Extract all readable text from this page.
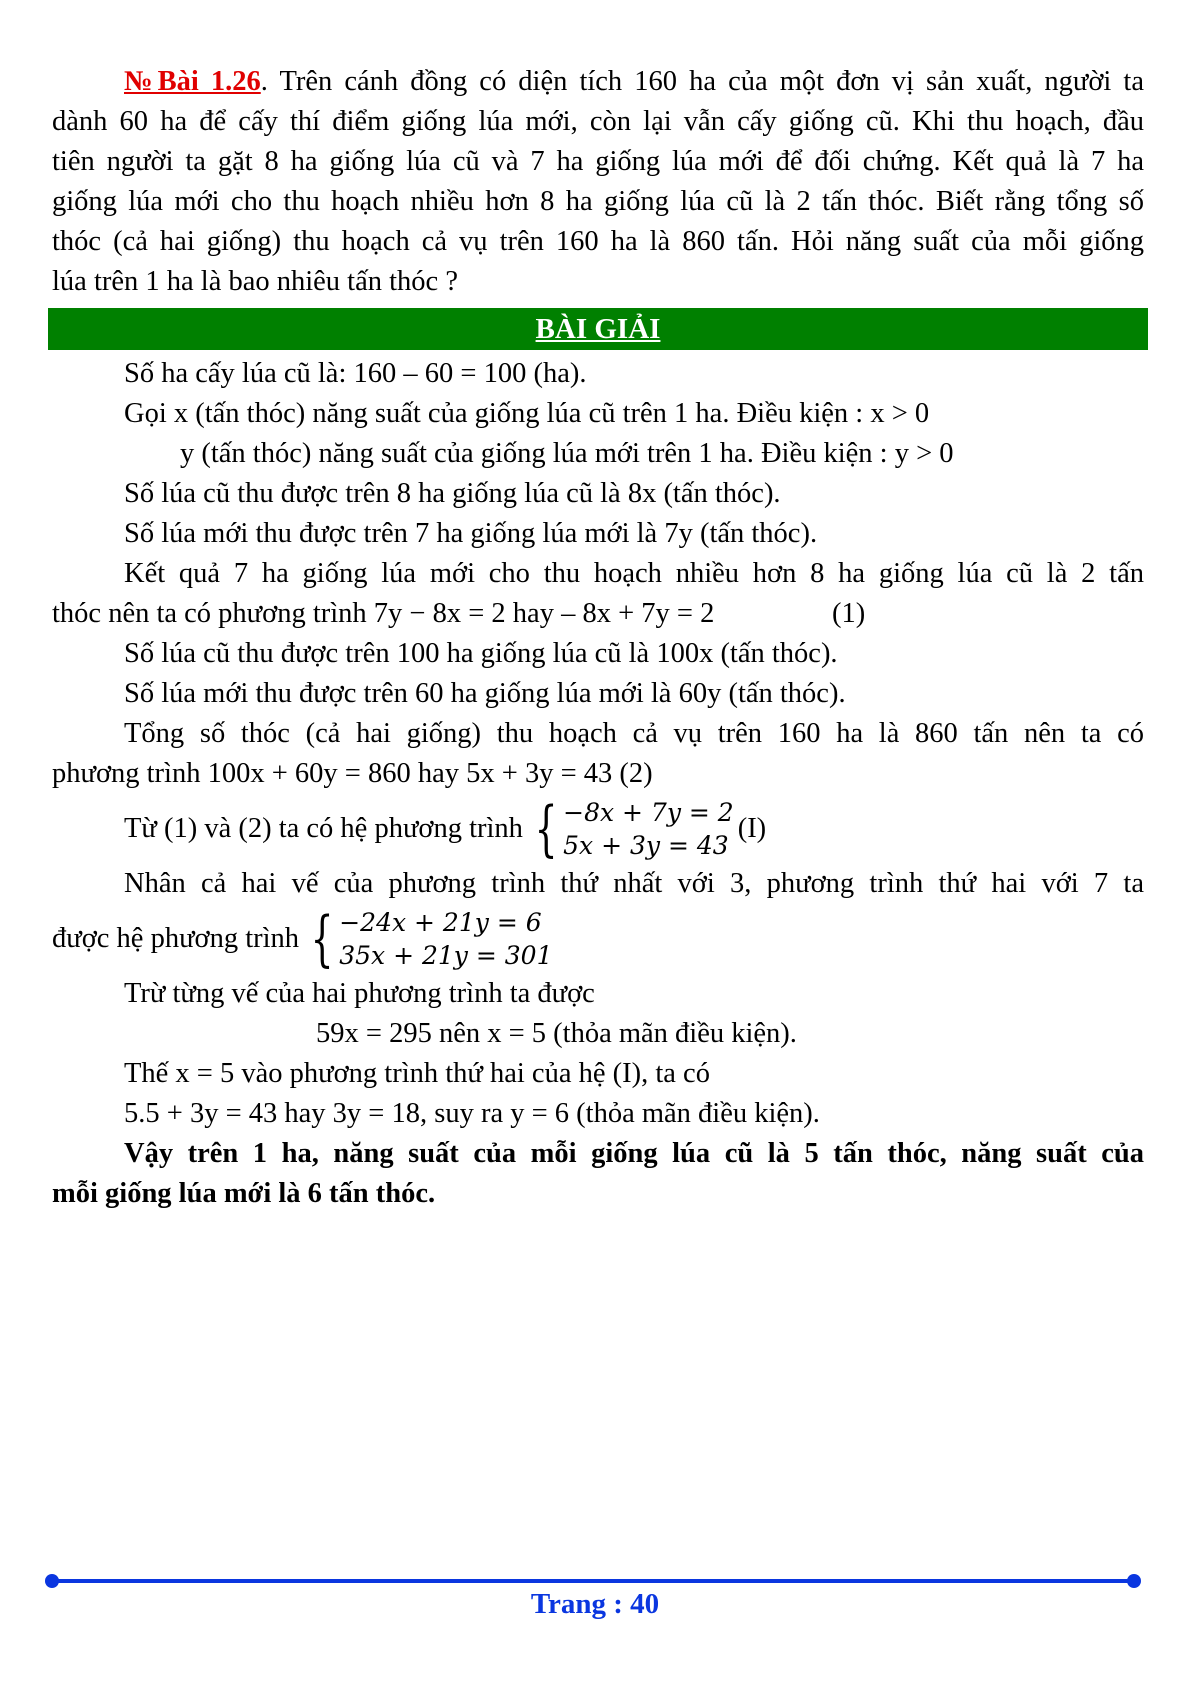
№Bài 1.26. Trên cánh đồng có diện tích 160 ha của một đơn vị sản xuất, người ta
dành 60 ha để cấy thí điểm giống lúa mới, còn lại vẫn cấy giống cũ. Khi thu hoạch, đầu
tiên người ta gặt 8 ha giống lúa cũ và 7 ha giống lúa mới để đối chứng. Kết quả là 7 ha
giống lúa mới cho thu hoạch nhiều hơn 8 ha giống lúa cũ là 2 tấn thóc. Biết rằng tổng số
thóc (cả hai giống) thu hoạch cả vụ trên 160 ha là 860 tấn. Hỏi năng suất của mỗi giống
lúa trên 1 ha là bao nhiêu tấn thóc ?
BÀI GIẢI
Số ha cấy lúa cũ là: 160 – 60 = 100 (ha).
Gọi x (tấn thóc) năng suất của giống lúa cũ trên 1 ha. Điều kiện : x > 0
y (tấn thóc) năng suất của giống lúa mới trên 1 ha. Điều kiện : y > 0
Số lúa cũ thu được trên 8 ha giống lúa cũ là 8x (tấn thóc).
Số lúa mới thu được trên 7 ha giống lúa mới là 7y (tấn thóc).
Kết quả 7 ha giống lúa mới cho thu hoạch nhiều hơn 8 ha giống lúa cũ là 2 tấn
thóc nên ta có phương trình 7y − 8x = 2 hay – 8x + 7y = 2	(1)
Số lúa cũ thu được trên 100 ha giống lúa cũ là 100x (tấn thóc).
Số lúa mới thu được trên 60 ha giống lúa mới là 60y (tấn thóc).
Tổng số thóc (cả hai giống) thu hoạch cả vụ trên 160 ha là 860 tấn nên ta có
phương trình 100x + 60y = 860 hay 5x + 3y = 43 (2)
Từ (1) và (2) ta có hệ phương trình { −8x + 7y = 2
5x + 3y = 43
(I)
Nhân cả hai vế của phương trình thứ nhất với 3, phương trình thứ hai với 7 ta
được hệ phương trình { −24x + 21y = 6
35x + 21y = 301
Trừ từng vế của hai phương trình ta được
59x = 295 nên x = 5 (thỏa mãn điều kiện).
Thế x = 5 vào phương trình thứ hai của hệ (I), ta có
5.5 + 3y = 43 hay 3y = 18, suy ra y = 6 (thỏa mãn điều kiện).
Vậy trên 1 ha, năng suất của mỗi giống lúa cũ là 5 tấn thóc, năng suất của
mỗi giống lúa mới là 6 tấn thóc.
Trang : 40
